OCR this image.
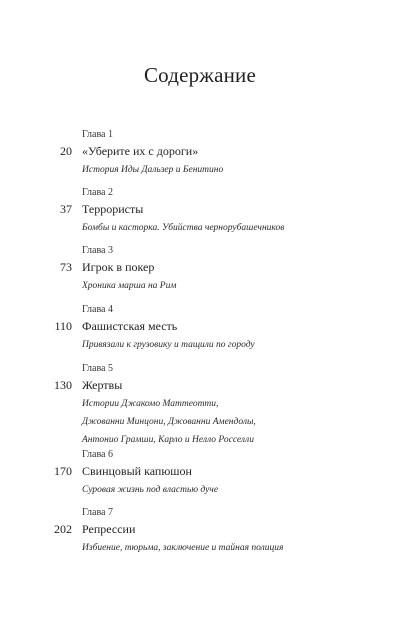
Содержание
Глава 1
20 «Уберите их с дороги»
История Иды Дальзер и Бенитино
Глава 2
37 Террористы
Бомбы и касторка. Убийства чернорубашечников
Глава 3
73 Игрок в покер
Хроника марша на Рим
Глава 4
110 Фашистская месть
Привязали к грузовику и тащили по городу
Глава 5
130 Жертвы
Истории Джакомо Маттеотти,
Джованни Минцони, Джованни Амендолы,
Антонио Грамши, Карло и Нелло Росселли
Глава 6
170 Свинцовый капюшон
Суровая жизнь под властью дуче
Глава 7
202 Репрессии
Избиение, тюрьма, заключение и тайная полиция
